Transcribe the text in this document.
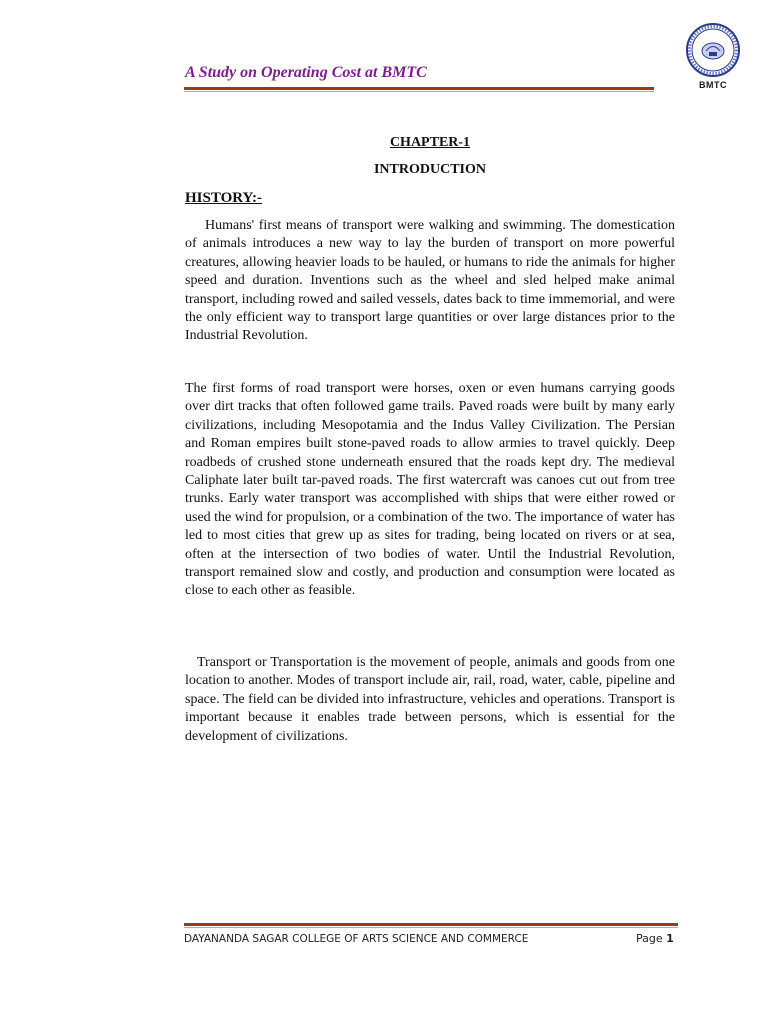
A Study on Operating Cost at BMTC
BMTC
CHAPTER-1
INTRODUCTION
HISTORY:-

Humans' first means of transport were walking and swimming. The domestication of animals introduces a new way to lay the burden of transport on more powerful creatures, allowing heavier loads to be hauled, or humans to ride the animals for higher speed and duration. Inventions such as the wheel and sled helped make animal transport, including rowed and sailed vessels, dates back to time immemorial, and were the only efficient way to transport large quantities or over large distances prior to the Industrial Revolution.

The first forms of road transport were horses, oxen or even humans carrying goods over dirt tracks that often followed game trails. Paved roads were built by many early civilizations, including Mesopotamia and the Indus Valley Civilization. The Persian and Roman empires built stone-paved roads to allow armies to travel quickly. Deep roadbeds of crushed stone underneath ensured that the roads kept dry. The medieval Caliphate later built tar-paved roads. The first watercraft was canoes cut out from tree trunks. Early water transport was accomplished with ships that were either rowed or used the wind for propulsion, or a combination of the two. The importance of water has led to most cities that grew up as sites for trading, being located on rivers or at sea, often at the intersection of two bodies of water. Until the Industrial Revolution, transport remained slow and costly, and production and consumption were located as close to each other as feasible.

Transport or Transportation is the movement of people, animals and goods from one location to another. Modes of transport include air, rail, road, water, cable, pipeline and space. The field can be divided into infrastructure, vehicles and operations. Transport is important because it enables trade between persons, which is essential for the development of civilizations.

DAYANANDA SAGAR COLLEGE OF ARTS SCIENCE AND COMMERCE	Page 1
